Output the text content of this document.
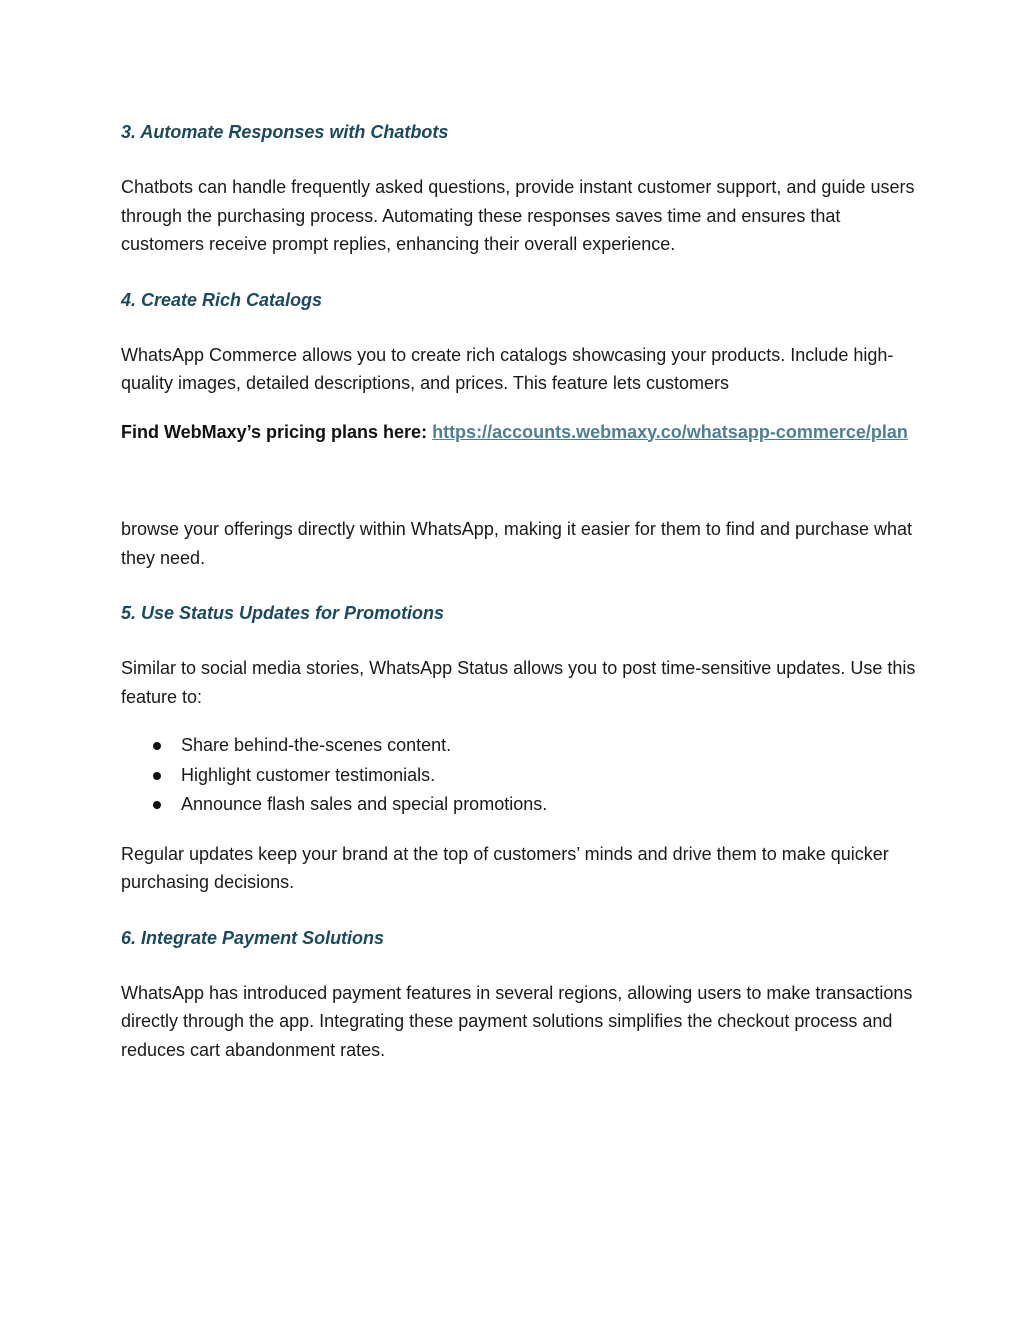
3. Automate Responses with Chatbots

Chatbots can handle frequently asked questions, provide instant customer support, and guide users through the purchasing process. Automating these responses saves time and ensures that customers receive prompt replies, enhancing their overall experience.

4. Create Rich Catalogs

WhatsApp Commerce allows you to create rich catalogs showcasing your products. Include high-quality images, detailed descriptions, and prices. This feature lets customers

Find WebMaxy’s pricing plans here: https://accounts.webmaxy.co/whatsapp-commerce/plan

browse your offerings directly within WhatsApp, making it easier for them to find and purchase what they need.

5. Use Status Updates for Promotions

Similar to social media stories, WhatsApp Status allows you to post time-sensitive updates. Use this feature to:

Share behind-the-scenes content.
Highlight customer testimonials.
Announce flash sales and special promotions.

Regular updates keep your brand at the top of customers’ minds and drive them to make quicker purchasing decisions.

6. Integrate Payment Solutions

WhatsApp has introduced payment features in several regions, allowing users to make transactions directly through the app. Integrating these payment solutions simplifies the checkout process and reduces cart abandonment rates.
